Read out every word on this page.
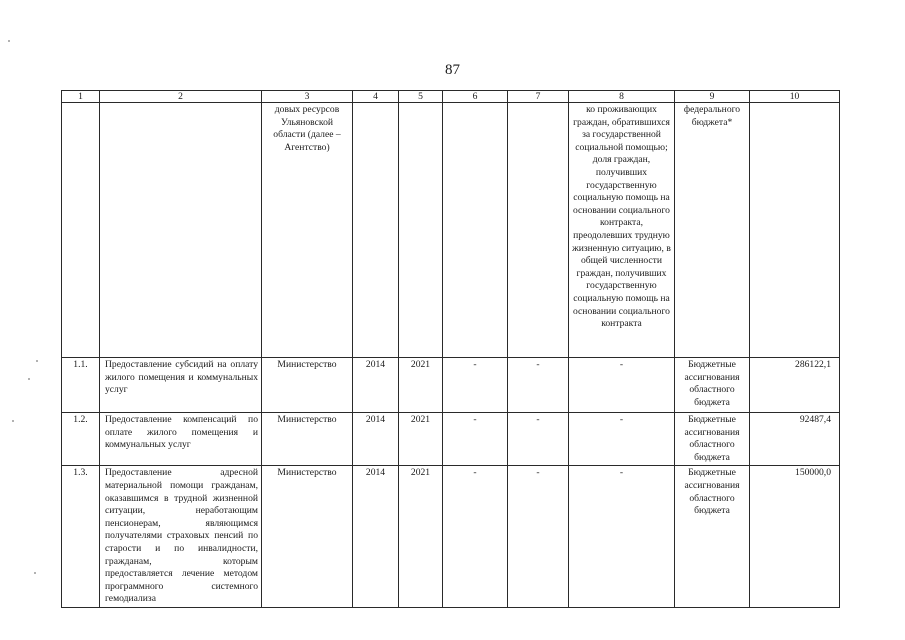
87
1	2	3	4	5	6	7	8	9	10
		довых ресурсов Ульяновской области (далее – Агентство)					ко проживающих граждан, обратившихся за государственной социальной помощью; доля граждан, получивших государственную социальную помощь на основании социального контракта, преодолевших трудную жизненную ситуацию, в общей численности граждан, получивших государственную социальную помощь на основании социального контракта	федерального бюджета*	
1.1.	Предоставление субсидий на оплату жилого помещения и коммунальных услуг	Министерство	2014	2021	-	-	-	Бюджетные ассигнования областного бюджета	286122,1
1.2.	Предоставление компенсаций по оплате жилого помещения и коммунальных услуг	Министерство	2014	2021	-	-	-	Бюджетные ассигнования областного бюджета	92487,4
1.3.	Предоставление адресной материальной помощи гражданам, оказавшимся в трудной жизненной ситуации, неработающим пенсионерам, являющимся получателями страховых пенсий по старости и по инвалидности, гражданам, которым предоставляется лечение методом программного системного гемодиализа	Министерство	2014	2021	-	-	-	Бюджетные ассигнования областного бюджета	150000,0
